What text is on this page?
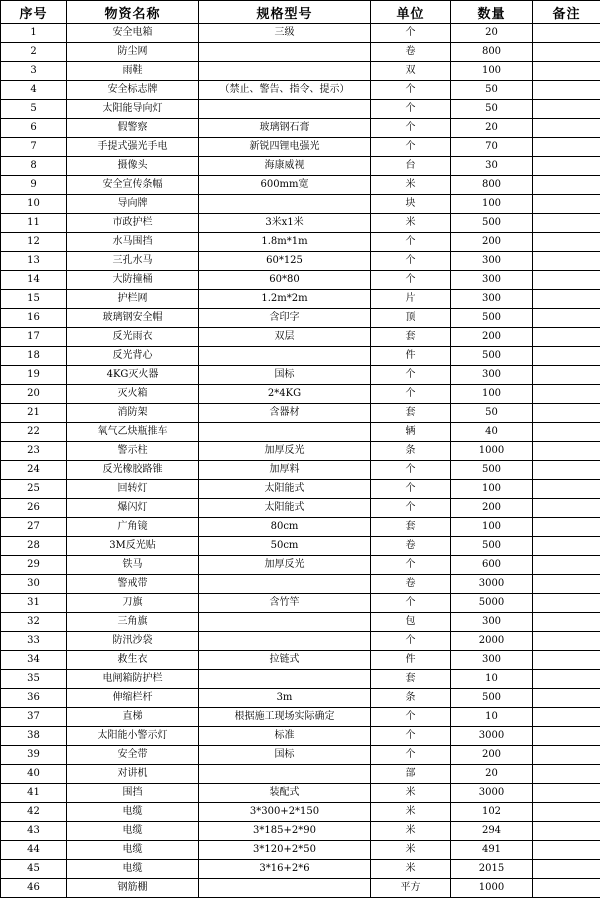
序号	物资名称	规格型号	单位	数量	备注
1	安全电箱	三级	个	20	
2	防尘网		卷	800	
3	雨鞋		双	100	
4	安全标志牌	（禁止、警告、指令、提示）	个	50	
5	太阳能导向灯		个	50	
6	假警察	玻璃钢石膏	个	20	
7	手提式强光手电	新锐四锂电强光	个	70	
8	摄像头	海康威视	台	30	
9	安全宣传条幅	600mm宽	米	800	
10	导向牌		块	100	
11	市政护栏	3米x1米	米	500	
12	水马围挡	1.8m*1m	个	200	
13	三孔水马	60*125	个	300	
14	大防撞桶	60*80	个	300	
15	护栏网	1.2m*2m	片	300	
16	玻璃钢安全帽	含印字	顶	500	
17	反光雨衣	双层	套	200	
18	反光背心		件	500	
19	4KG灭火器	国标	个	300	
20	灭火箱	2*4KG	个	100	
21	消防架	含器材	套	50	
22	氧气乙炔瓶推车		辆	40	
23	警示柱	加厚反光	条	1000	
24	反光橡胶路锥	加厚料	个	500	
25	回转灯	太阳能式	个	100	
26	爆闪灯	太阳能式	个	200	
27	广角镜	80cm	套	100	
28	3M反光贴	50cm	卷	500	
29	铁马	加厚反光	个	600	
30	警戒带		卷	3000	
31	刀旗	含竹竿	个	5000	
32	三角旗		包	300	
33	防汛沙袋		个	2000	
34	救生衣	拉链式	件	300	
35	电闸箱防护栏		套	10	
36	伸缩栏杆	3m	条	500	
37	直梯	根据施工现场实际确定	个	10	
38	太阳能小警示灯	标准	个	3000	
39	安全带	国标	个	200	
40	对讲机		部	20	
41	围挡	装配式	米	3000	
42	电缆	3*300+2*150	米	102	
43	电缆	3*185+2*90	米	294	
44	电缆	3*120+2*50	米	491	
45	电缆	3*16+2*6	米	2015	
46	钢筋棚		平方	1000	
